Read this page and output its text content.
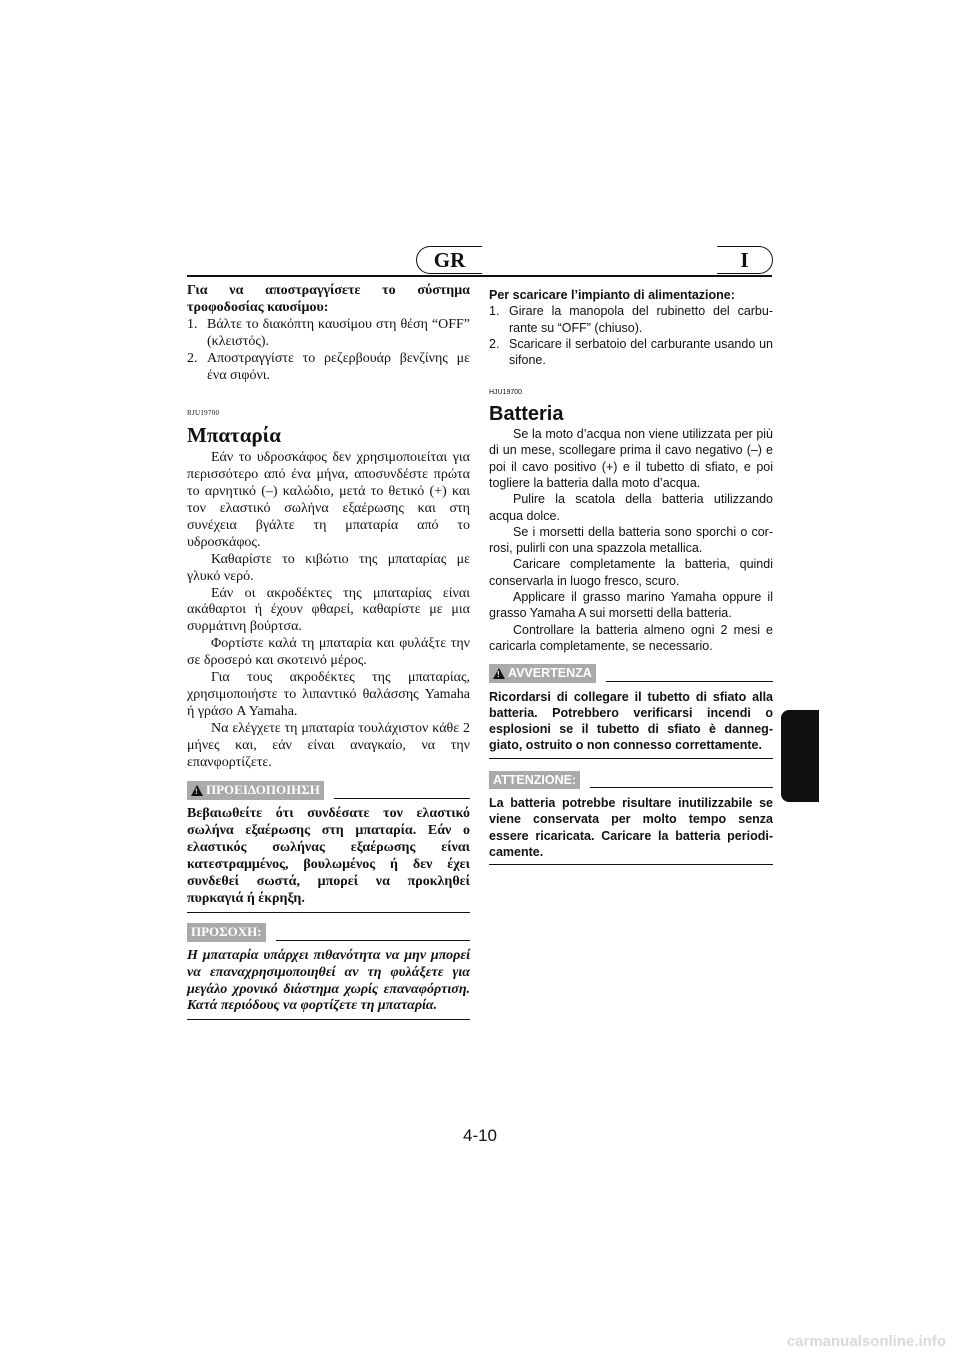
GR	I
Για να αποστραγγίσετε το σύστημα τροφοδοσίας καυσίμου:
1. Βάλτε το διακόπτη καυσίμου στη θέση “OFF” (κλειστός).
2. Αποστραγγίστε το ρεζερβουάρ βενζίνης με ένα σιφόνι.
RJU19700
Μπαταρία
Εάν το υδροσκάφος δεν χρησιμοποιείται για περισσότερο από ένα μήνα, αποσυνδέστε πρώτα το αρνητικό (–) καλώδιο, μετά το θετικό (+) και τον ελαστικό σωλήνα εξαέρωσης και στη συνέχεια βγάλτε τη μπαταρία από το υδροσκάφος.
Καθαρίστε το κιβώτιο της μπαταρίας με γλυκό νερό.
Εάν οι ακροδέκτες της μπαταρίας είναι ακάθαρτοι ή έχουν φθαρεί, καθαρίστε με μια συρμάτινη βούρτσα.
Φορτίστε καλά τη μπαταρία και φυλάξτε την σε δροσερό και σκοτεινό μέρος.
Για τους ακροδέκτες της μπαταρίας, χρησιμοποιήστε το λιπαντικό θαλάσσης Yamaha ή γράσο A Yamaha.
Να ελέγχετε τη μπαταρία τουλάχιστον κάθε 2 μήνες και, εάν είναι αναγκαίο, να την επανφορτίζετε.
! ΠΡΟΕΙΔΟΠΟΙΗΣΗ
Βεβαιωθείτε ότι συνδέσατε τον ελαστικό σωλήνα εξαέρωσης στη μπαταρία. Εάν ο ελαστικός σωλήνας εξαέρωσης είναι κατεστραμμένος, βουλωμένος ή δεν έχει συνδεθεί σωστά, μπορεί να προκληθεί πυρκαγιά ή έκρηξη.
ΠΡΟΣΟΧΗ:
Η μπαταρία υπάρχει πιθανότητα να μην μπορεί να επαναχρησιμοποιηθεί αν τη φυλάξετε για μεγάλο χρονικό διάστημα χωρίς επαναφόρτιση. Κατά περιόδους να φορτίζετε τη μπαταρία.
Per scaricare l’impianto di alimentazione:
1. Girare la manopola del rubinetto del carbu- rante su “OFF” (chiuso).
2. Scaricare il serbatoio del carburante usando un sifone.
HJU19700
Batteria
Se la moto d’acqua non viene utilizzata per più di un mese, scollegare prima il cavo negativo (–) e poi il cavo positivo (+) e il tubetto di sfiato, e poi togliere la batteria dalla moto d’acqua.
Pulire la scatola della batteria utilizzando acqua dolce.
Se i morsetti della batteria sono sporchi o cor- rosi, pulirli con una spazzola metallica.
Caricare completamente la batteria, quindi conservarla in luogo fresco, scuro.
Applicare il grasso marino Yamaha oppure il grasso Yamaha A sui morsetti della batteria.
Controllare la batteria almeno ogni 2 mesi e caricarla completamente, se necessario.
! AVVERTENZA
Ricordarsi di collegare il tubetto di sfiato alla batteria. Potrebbero verificarsi incendi o esplosioni se il tubetto di sfiato è danneg- giato, ostruito o non connesso correttamente.
ATTENZIONE:
La batteria potrebbe risultare inutilizzabile se viene conservata per molto tempo senza essere ricaricata. Caricare la batteria periodi- camente.
4-10
carmanualsonline.info
